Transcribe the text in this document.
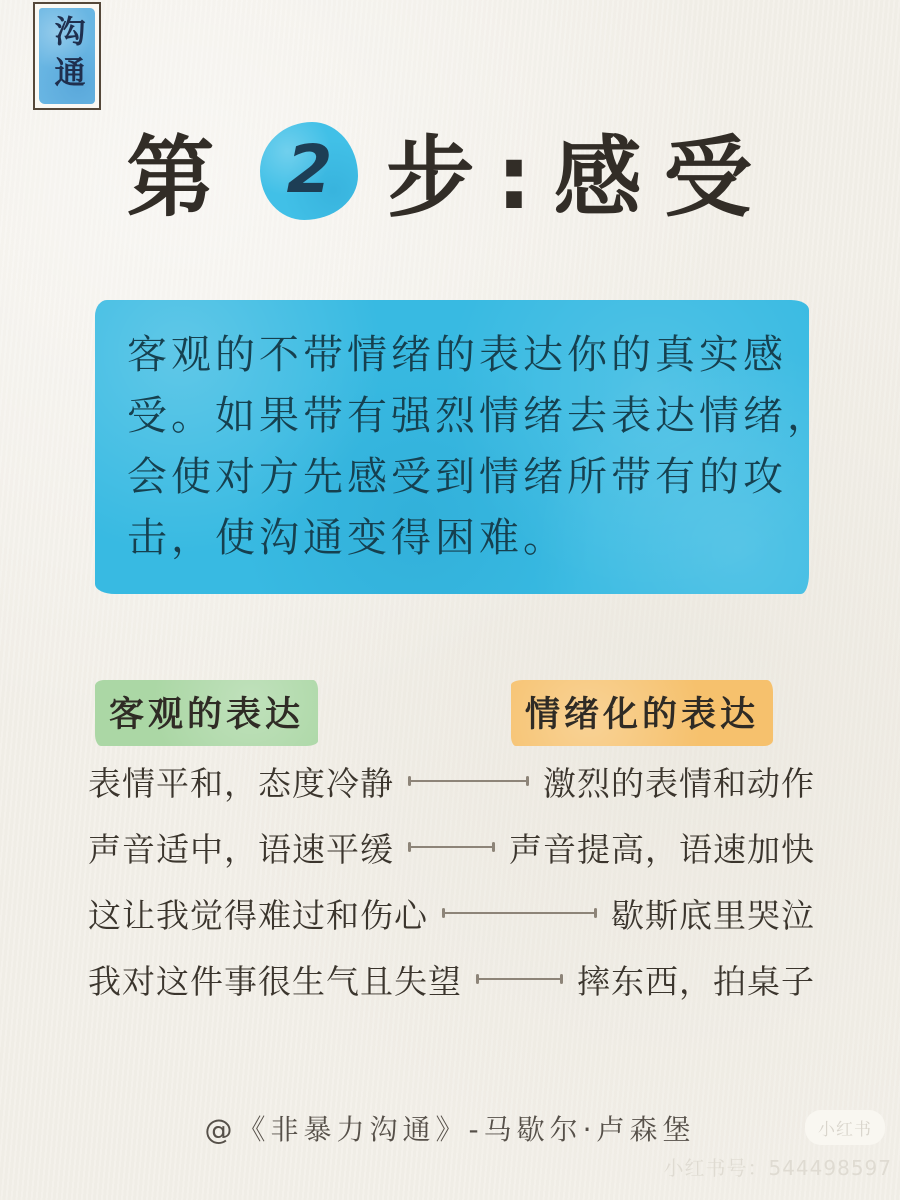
沟通
第 2 步:感受
客观的不带情绪的表达你的真实感
受。如果带有强烈情绪去表达情绪，
会使对方先感受到情绪所带有的攻
击，使沟通变得困难。
客观的表达	情绪化的表达
表情平和，态度冷静	激烈的表情和动作
声音适中，语速平缓	声音提高，语速加快
这让我觉得难过和伤心	歇斯底里哭泣
我对这件事很生气且失望	摔东西，拍桌子
@《非暴力沟通》-马歇尔·卢森堡	小红书
小红书号：544498597
